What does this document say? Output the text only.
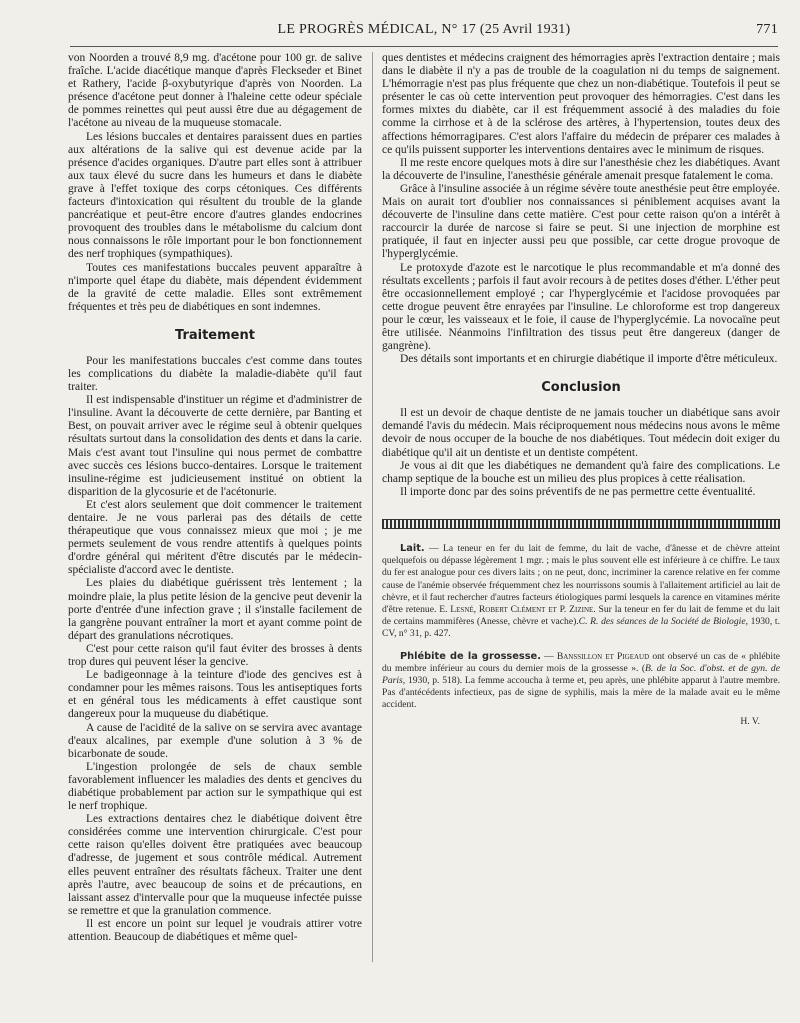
LE PROGRÈS MÉDICAL, N° 17 (25 Avril 1931)	771

von Noorden a trouvé 8,9 mg. d'acétone pour 100 gr. de salive fraîche. L'acide diacétique manque d'après Fleckseder et Binet et Rathery, l'acide β-oxybutyrique d'après von Noorden. La présence d'acétone peut donner à l'haleine cette odeur spéciale de pommes reinettes qui peut aussi être due au dégagement de l'acétone au niveau de la muqueuse stomacale.

Les lésions buccales et dentaires paraissent dues en parties aux altérations de la salive qui est devenue acide par la présence d'acides organiques. D'autre part elles sont à attribuer aux taux élevé du sucre dans les humeurs et dans le diabète grave à l'effet toxique des corps cétoniques. Ces différents facteurs d'intoxication qui résultent du trouble de la glande pancréatique et peut-être encore d'autres glandes endocrines provoquent des troubles dans le métabolisme du calcium dont nous connaissons le rôle important pour le bon fonctionnement des nerf trophiques (sympathiques).

Toutes ces manifestations buccales peuvent apparaître à n'importe quel étape du diabète, mais dépendent évidemment de la gravité de cette maladie. Elles sont extrêmement fréquentes et très peu de diabétiques en sont indemnes.

Traitement

Pour les manifestations buccales c'est comme dans toutes les complications du diabète la maladie-diabète qu'il faut traiter.

Il est indispensable d'instituer un régime et d'administrer de l'insuline. Avant la découverte de cette dernière, par Banting et Best, on pouvait arriver avec le régime seul à obtenir quelques résultats surtout dans la consolidation des dents et dans la carie. Mais c'est avant tout l'insuline qui nous permet de combattre avec succès ces lésions bucco-dentaires. Lorsque le traitement insuline-régime est judicieusement institué on obtient la disparition de la glycosurie et de l'acétonurie.

Et c'est alors seulement que doit commencer le traitement dentaire. Je ne vous parlerai pas des détails de cette thérapeutique que vous connaissez mieux que moi ; je me permets seulement de vous rendre attentifs à quelques points d'ordre général qui méritent d'être discutés par le médecin-spécialiste d'accord avec le dentiste.

Les plaies du diabétique guérissent très lentement ; la moindre plaie, la plus petite lésion de la gencive peut devenir la porte d'entrée d'une infection grave ; il s'installe facilement de la gangrène pouvant entraîner la mort et ayant comme point de départ des granulations nécrotiques.

C'est pour cette raison qu'il faut éviter des brosses à dents trop dures qui peuvent léser la gencive.

Le badigeonnage à la teinture d'iode des gencives est à condamner pour les mêmes raisons. Tous les antiseptiques forts et en général tous les médicaments à effet caustique sont dangereux pour la muqueuse du diabétique.

A cause de l'acidité de la salive on se servira avec avantage d'eaux alcalines, par exemple d'une solution à 3 % de bicarbonate de soude.

L'ingestion prolongée de sels de chaux semble favorablement influencer les maladies des dents et gencives du diabétique probablement par action sur le sympathique qui est le nerf trophique.

Les extractions dentaires chez le diabétique doivent être considérées comme une intervention chirurgicale. C'est pour cette raison qu'elles doivent être pratiquées avec beaucoup d'adresse, de jugement et sous contrôle médical. Autrement elles peuvent entraîner des résultats fâcheux. Traiter une dent après l'autre, avec beaucoup de soins et de précautions, en laissant assez d'intervalle pour que la muqueuse infectée puisse se remettre et que la granulation commence.

Il est encore un point sur lequel je voudrais attirer votre attention. Beaucoup de diabétiques et même quel-

ques dentistes et médecins craignent des hémorragies après l'extraction dentaire ; mais dans le diabète il n'y a pas de trouble de la coagulation ni du temps de saignement. L'hémorragie n'est pas plus fréquente que chez un non-diabétique. Toutefois il peut se présenter le cas où cette intervention peut provoquer des hémorragies. C'est dans les formes mixtes du diabète, car il est fréquemment associé à des maladies du foie comme la cirrhose et à de la sclérose des artères, à l'hypertension, toutes deux des affections hémorragipares. C'est alors l'affaire du médecin de préparer ces malades à ce qu'ils puissent supporter les interventions dentaires avec le minimum de risques.

Il me reste encore quelques mots à dire sur l'anesthésie chez les diabétiques. Avant la découverte de l'insuline, l'anesthésie générale amenait presque fatalement le coma.

Grâce à l'insuline associée à un régime sévère toute anesthésie peut être employée. Mais on aurait tort d'oublier nos connaissances si péniblement acquises avant la découverte de l'insuline dans cette matière. C'est pour cette raison qu'on a intérêt à raccourcir la durée de narcose si faire se peut. Si une injection de morphine est pratiquée, il faut en injecter aussi peu que possible, car cette drogue provoque de l'hyperglycémie.

Le protoxyde d'azote est le narcotique le plus recommandable et m'a donné des résultats excellents ; parfois il faut avoir recours à de petites doses d'éther. L'éther peut être occasionnellement employé ; car l'hyperglycémie et l'acidose provoquées par cette drogue peuvent être enrayées par l'insuline. Le chloroforme est trop dangereux pour le cœur, les vaisseaux et le foie, il cause de l'hyperglycémie. La novocaïne peut être utilisée. Néanmoins l'infiltration des tissus peut être dangereux (danger de gangrène).

Des détails sont importants et en chirurgie diabétique il importe d'être méticuleux.

Conclusion

Il est un devoir de chaque dentiste de ne jamais toucher un diabétique sans avoir demandé l'avis du médecin. Mais réciproquement nous médecins nous avons le même devoir de nous occuper de la bouche de nos diabétiques. Tout médecin doit exiger du diabétique qu'il ait un dentiste et un dentiste compétent.

Je vous ai dit que les diabétiques ne demandent qu'à faire des complications. Le champ septique de la bouche est un milieu des plus propices à cette réalisation.

Il importe donc par des soins préventifs de ne pas permettre cette éventualité.

Lait. — La teneur en fer du lait de femme, du lait de vache, d'ânesse et de chèvre atteint quelquefois ou dépasse légèrement 1 mgr. ; mais le plus souvent elle est inférieure à ce chiffre. Le taux du fer est analogue pour ces divers laits ; on ne peut, donc, incriminer la carence relative en fer comme cause de l'anémie observée fréquemment chez les nourrissons soumis à l'allaitement artificiel au lait de chèvre, et il faut rechercher d'autres facteurs étiologiques parmi lesquels la carence en vitamines mérite d'être retenue. E. Lesné, Robert Clément et P. Zizine. Sur la teneur en fer du lait de femme et du lait de certains mammifères (Anesse, chèvre et vache).C. R. des séances de la Société de Biologie, 1930, t. CV, n° 31, p. 427.

Phlébite de la grossesse. — Banssillon et Pigeaud ont observé un cas de « phlébite du membre inférieur au cours du dernier mois de la grossesse ». (B. de la Soc. d'obst. et de gyn. de Paris, 1930, p. 518). La femme accoucha à terme et, peu après, une phlébite apparut à l'autre membre. Pas d'antécédents infectieux, pas de signe de syphilis, mais la mère de la malade avait eu le même accident.

H. V.
